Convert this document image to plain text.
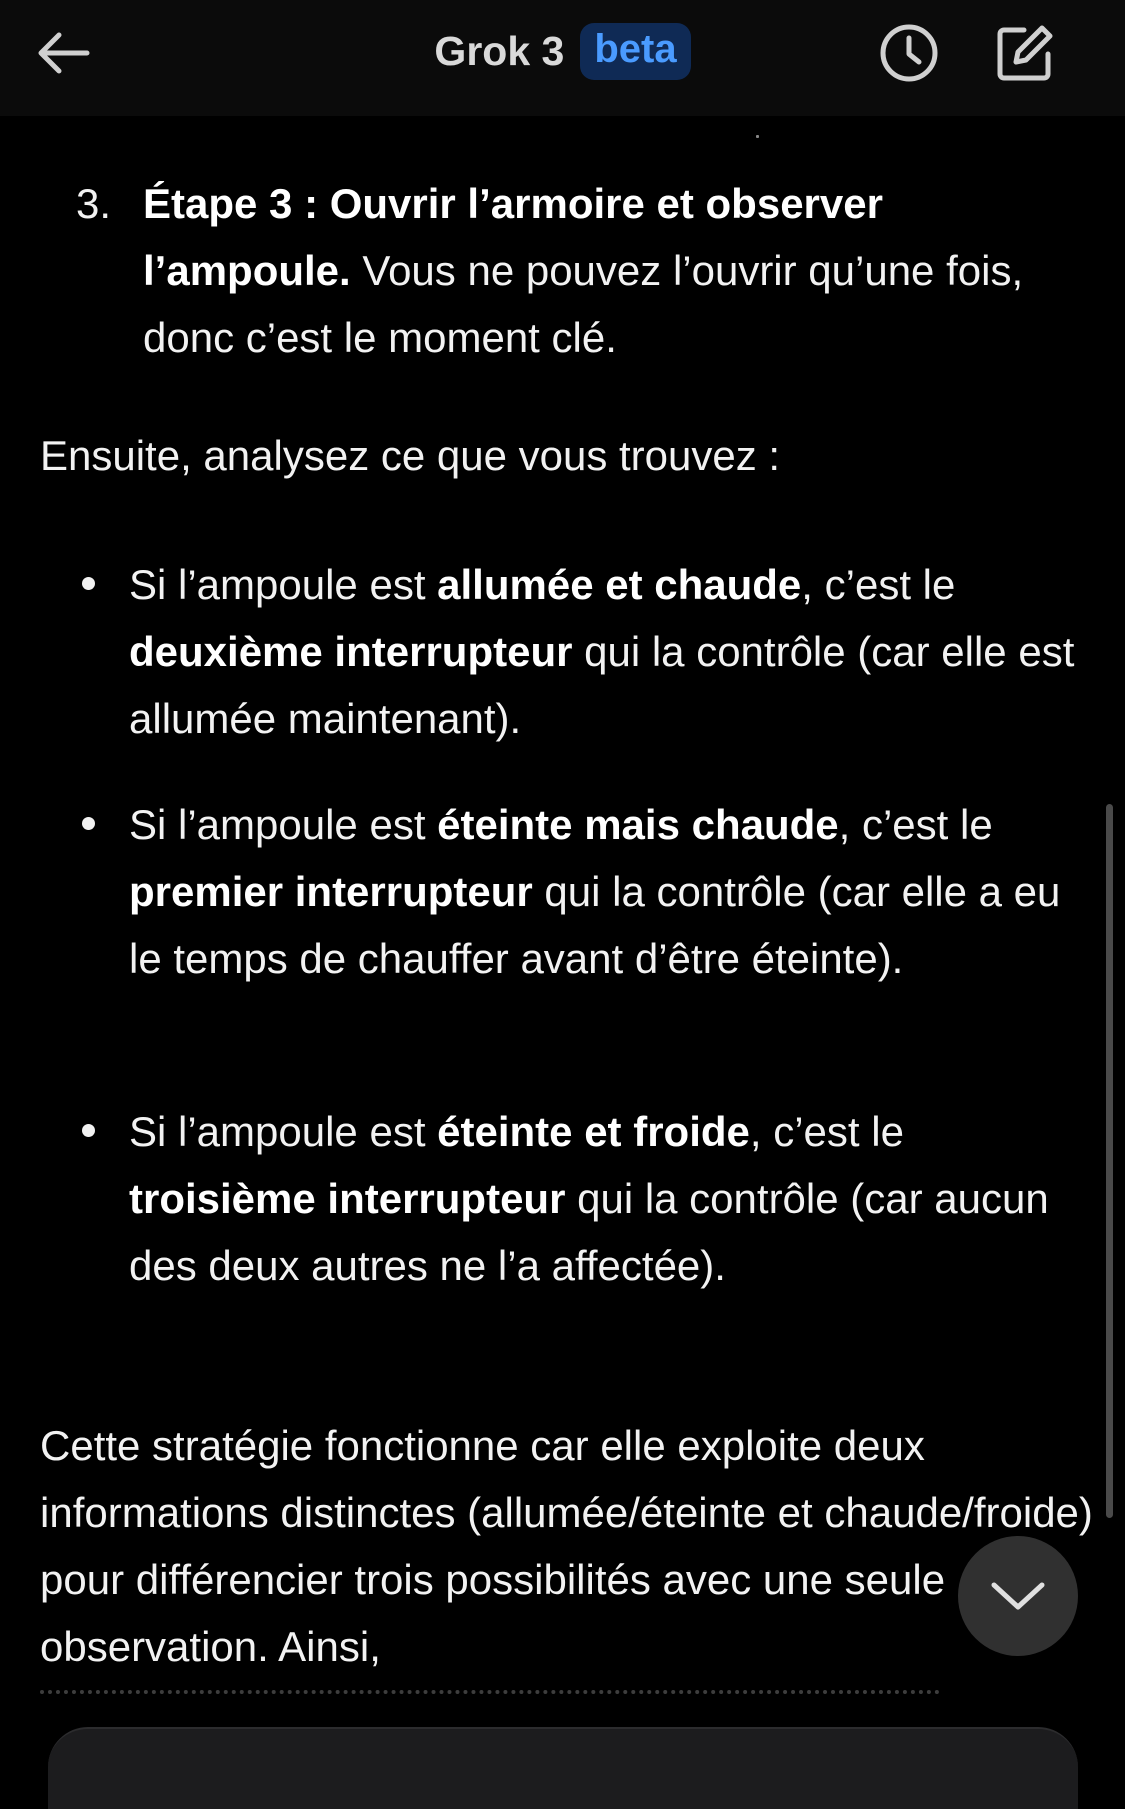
Grok 3 beta
3. Étape 3 : Ouvrir l’armoire et observer l’ampoule. Vous ne pouvez l’ouvrir qu’une fois, donc c’est le moment clé.
Ensuite, analysez ce que vous trouvez :
Si l’ampoule est allumée et chaude, c’est le deuxième interrupteur qui la contrôle (car elle est allumée maintenant).
Si l’ampoule est éteinte mais chaude, c’est le premier interrupteur qui la contrôle (car elle a eu le temps de chauffer avant d’être éteinte).
Si l’ampoule est éteinte et froide, c’est le troisième interrupteur qui la contrôle (car aucun des deux autres ne l’a affectée).
Cette stratégie fonctionne car elle exploite deux informations distinctes (allumée/éteinte et chaude/froide) pour différencier trois possibilités avec une seule observation. Ainsi,
